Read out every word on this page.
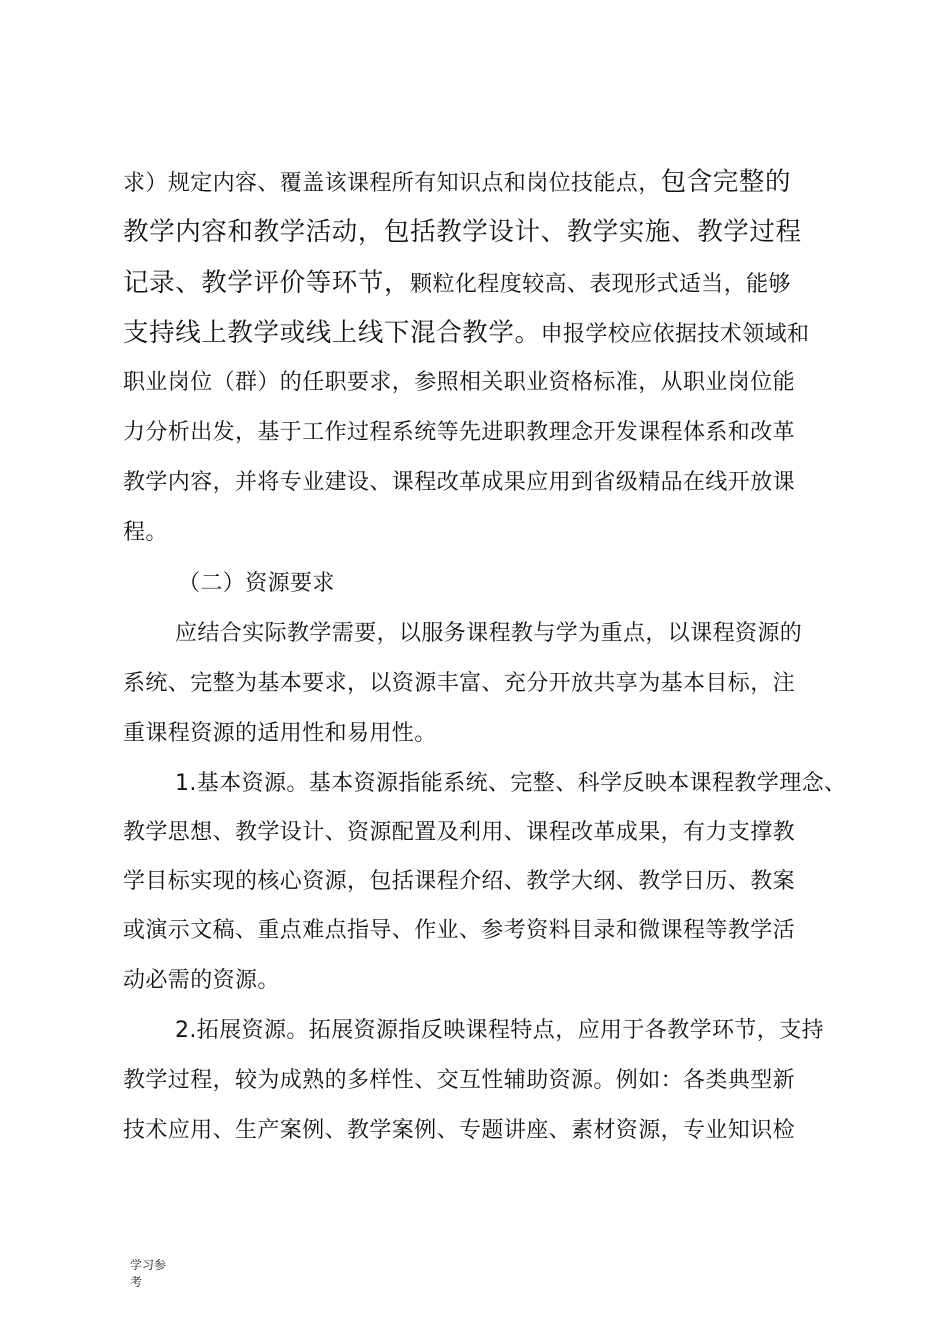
求）规定内容、覆盖该课程所有知识点和岗位技能点，包含完整的
教学内容和教学活动，包括教学设计、教学实施、教学过程
记录、教学评价等环节，颗粒化程度较高、表现形式适当，能够
支持线上教学或线上线下混合教学。申报学校应依据技术领域和
职业岗位（群）的任职要求，参照相关职业资格标准，从职业岗位能
力分析出发，基于工作过程系统等先进职教理念开发课程体系和改革
教学内容，并将专业建设、课程改革成果应用到省级精品在线开放课
程。
（二）资源要求
应结合实际教学需要，以服务课程教与学为重点，以课程资源的
系统、完整为基本要求，以资源丰富、充分开放共享为基本目标，注
重课程资源的适用性和易用性。
1.基本资源。基本资源指能系统、完整、科学反映本课程教学理念、
教学思想、教学设计、资源配置及利用、课程改革成果，有力支撑教
学目标实现的核心资源，包括课程介绍、教学大纲、教学日历、教案
或演示文稿、重点难点指导、作业、参考资料目录和微课程等教学活
动必需的资源。
2.拓展资源。拓展资源指反映课程特点，应用于各教学环节，支持
教学过程，较为成熟的多样性、交互性辅助资源。例如：各类典型新
技术应用、生产案例、教学案例、专题讲座、素材资源，专业知识检
学习参
考
